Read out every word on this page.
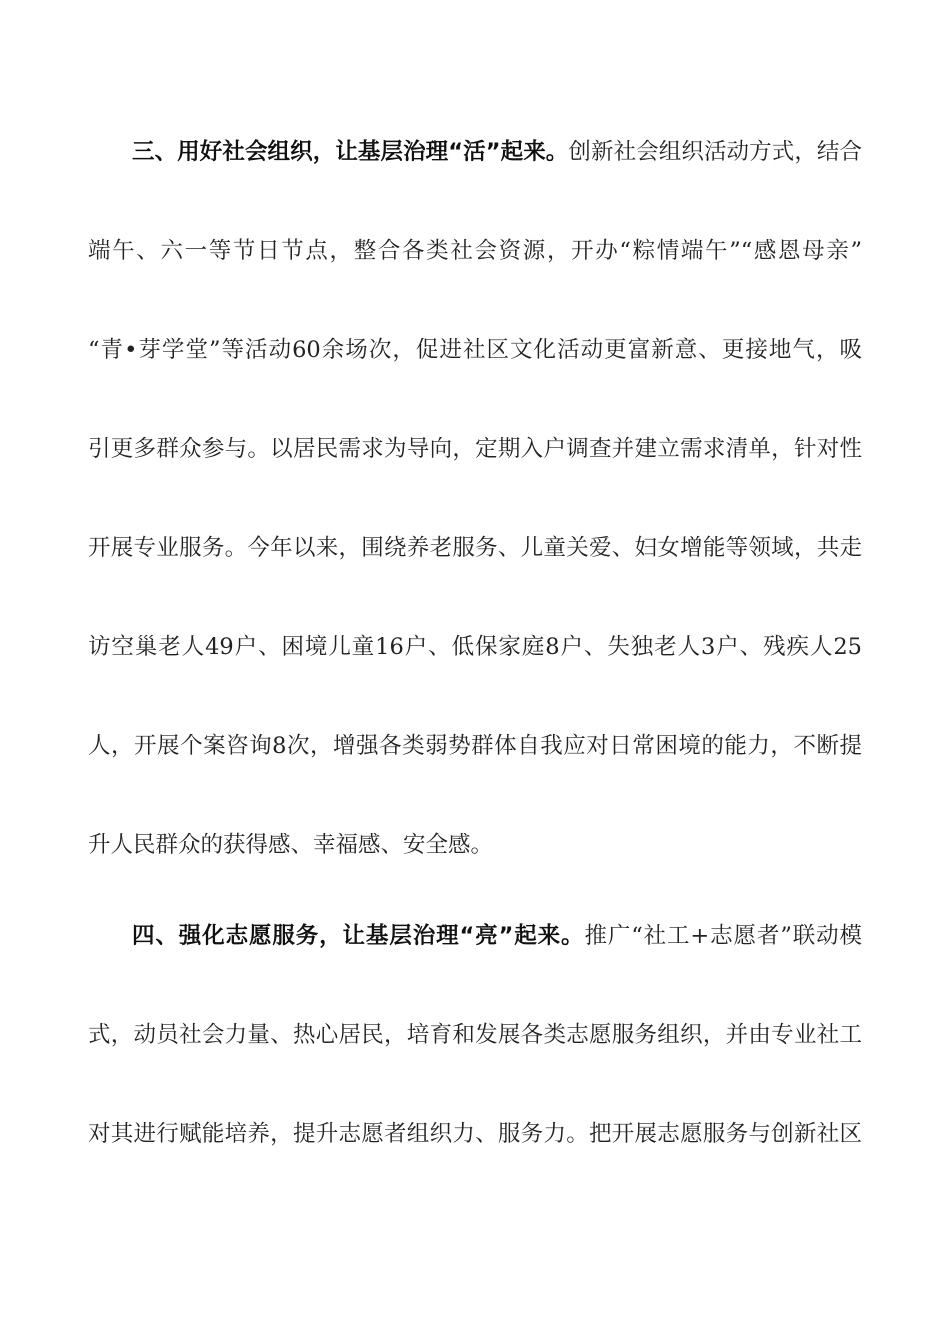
三、用好社会组织，让基层治理“活”起来。创新社会组织活动方式，结合
端午、六一等节日节点，整合各类社会资源，开办“粽情端午”“感恩母亲”
“青•芽学堂”等活动60余场次，促进社区文化活动更富新意、更接地气，吸
引更多群众参与。以居民需求为导向，定期入户调查并建立需求清单，针对性
开展专业服务。今年以来，围绕养老服务、儿童关爱、妇女增能等领域，共走
访空巢老人49户、困境儿童16户、低保家庭8户、失独老人3户、残疾人25
人，开展个案咨询8次，增强各类弱势群体自我应对日常困境的能力，不断提
升人民群众的获得感、幸福感、安全感。
四、强化志愿服务，让基层治理“亮”起来。推广“社工+志愿者”联动模
式，动员社会力量、热心居民，培育和发展各类志愿服务组织，并由专业社工
对其进行赋能培养，提升志愿者组织力、服务力。把开展志愿服务与创新社区
